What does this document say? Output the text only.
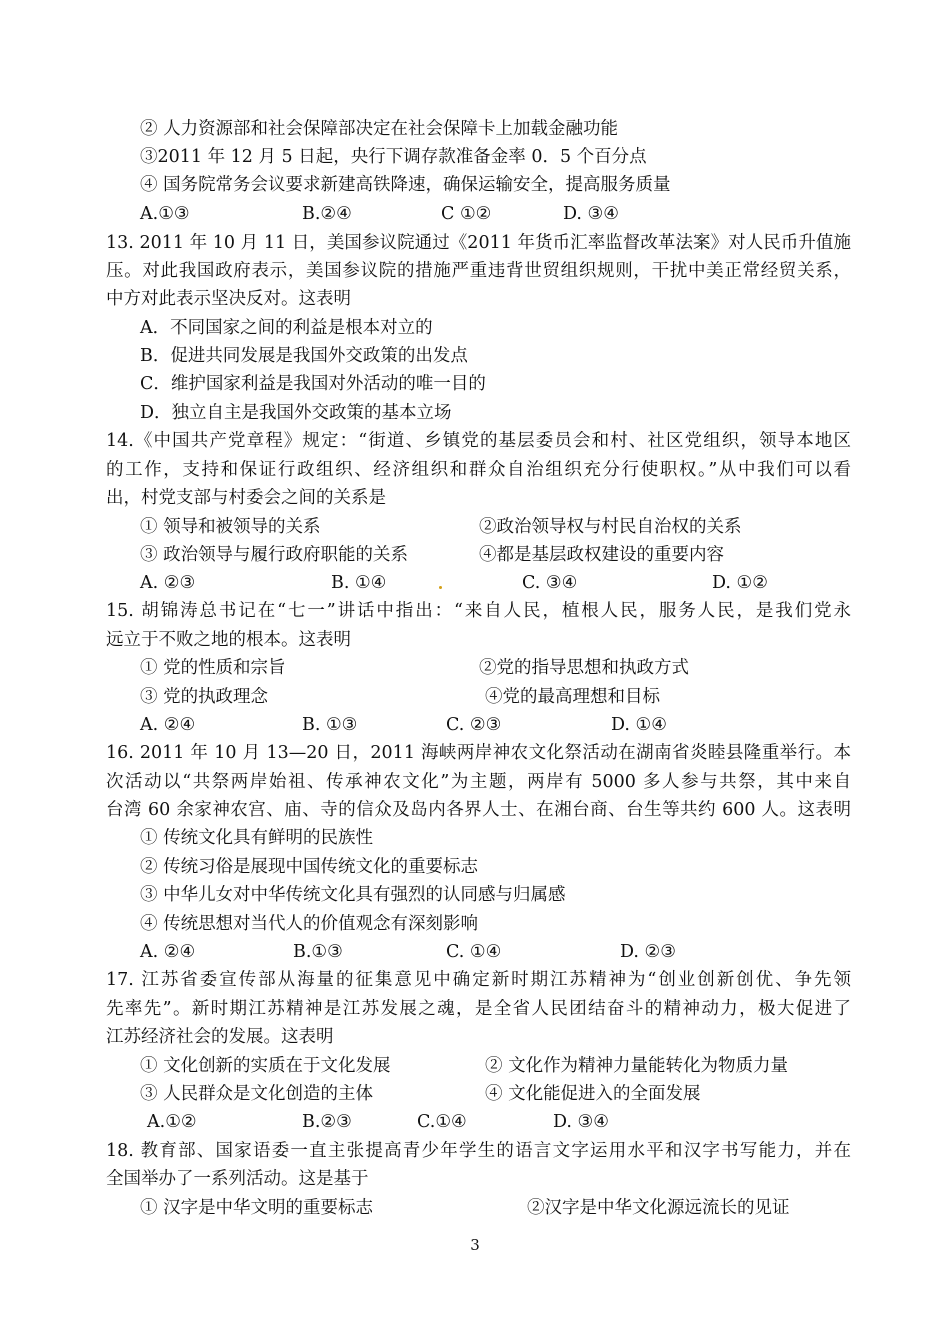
② 人力资源部和社会保障部决定在社会保障卡上加载金融功能
③2011 年 12 月 5 日起，央行下调存款准备金率 0．5 个百分点
④ 国务院常务会议要求新建高铁降速，确保运输安全，提高服务质量
A.①③	B.②④	C ①②	D. ③④
13. 2011 年 10 月 11 日，美国参议院通过《2011 年货币汇率监督改革法案》对人民币升值施
压。对此我国政府表示，美国参议院的措施严重违背世贸组织规则，干扰中美正常经贸关系，
中方对此表示坚决反对。这表明
A．不同国家之间的利益是根本对立的
B．促进共同发展是我国外交政策的出发点
C．维护国家利益是我国对外活动的唯一目的
D．独立自主是我国外交政策的基本立场
14.《中国共产党章程》规定：“街道、乡镇党的基层委员会和村、社区党组织，领导本地区
的工作，支持和保证行政组织、经济组织和群众自治组织充分行使职权。”从中我们可以看
出，村党支部与村委会之间的关系是
① 领导和被领导的关系	②政治领导权与村民自治权的关系
③ 政治领导与履行政府职能的关系	④都是基层政权建设的重要内容
A. ②③	B. ①④	C. ③④	D. ①②
15. 胡锦涛总书记在“七一”讲话中指出：“来自人民，植根人民，服务人民，是我们党永
远立于不败之地的根本。这表明
① 党的性质和宗旨	②党的指导思想和执政方式
③ 党的执政理念	④党的最高理想和目标
A. ②④	B. ①③	C. ②③	D. ①④
16. 2011 年 10 月 13—20 日，2011 海峡两岸神农文化祭活动在湖南省炎睦县隆重举行。本
次活动以“共祭两岸始祖、传承神农文化”为主题，两岸有 5000 多人参与共祭，其中来自
台湾 60 余家神农宫、庙、寺的信众及岛内各界人士、在湘台商、台生等共约 600 人。这表明
① 传统文化具有鲜明的民族性
② 传统习俗是展现中国传统文化的重要标志
③ 中华儿女对中华传统文化具有强烈的认同感与归属感
④ 传统思想对当代人的价值观念有深刻影响
A. ②④	B.①③	C. ①④	D. ②③
17. 江苏省委宣传部从海量的征集意见中确定新时期江苏精神为“创业创新创优、争先领
先率先”。新时期江苏精神是江苏发展之魂，是全省人民团结奋斗的精神动力，极大促进了
江苏经济社会的发展。这表明
① 文化创新的实质在于文化发展	② 文化作为精神力量能转化为物质力量
③ 人民群众是文化创造的主体	④ 文化能促进入的全面发展
A.①②	B.②③	C.①④	D. ③④
18. 教育部、国家语委一直主张提高青少年学生的语言文字运用水平和汉字书写能力，并在
全国举办了一系列活动。这是基于
① 汉字是中华文明的重要标志	②汉字是中华文化源远流长的见证
3
